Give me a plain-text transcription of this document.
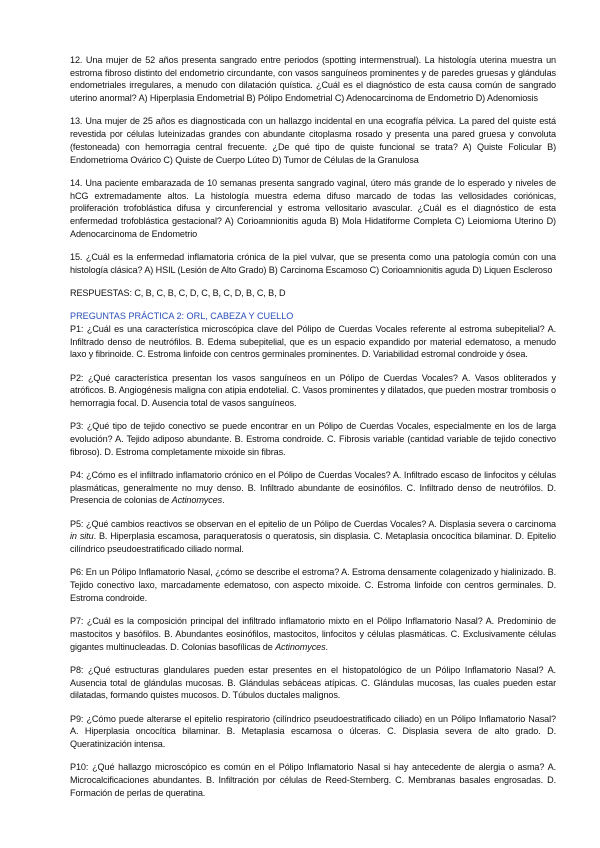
12. Una mujer de 52 años presenta sangrado entre periodos (spotting intermenstrual). La histología uterina muestra un estroma fibroso distinto del endometrio circundante, con vasos sanguíneos prominentes y de paredes gruesas y glándulas endometriales irregulares, a menudo con dilatación quística. ¿Cuál es el diagnóstico de esta causa común de sangrado uterino anormal? A) Hiperplasia Endometrial B) Pólipo Endometrial C) Adenocarcinoma de Endometrio D) Adenomiosis

13. Una mujer de 25 años es diagnosticada con un hallazgo incidental en una ecografía pélvica. La pared del quiste está revestida por células luteinizadas grandes con abundante citoplasma rosado y presenta una pared gruesa y convoluta (festoneada) con hemorragia central frecuente. ¿De qué tipo de quiste funcional se trata? A) Quiste Folicular B) Endometrioma Ovárico C) Quiste de Cuerpo Lúteo D) Tumor de Células de la Granulosa

14. Una paciente embarazada de 10 semanas presenta sangrado vaginal, útero más grande de lo esperado y niveles de hCG extremadamente altos. La histología muestra edema difuso marcado de todas las vellosidades coriónicas, proliferación trofoblástica difusa y circunferencial y estroma vellositario avascular. ¿Cuál es el diagnóstico de esta enfermedad trofoblástica gestacional? A) Corioamnionitis aguda B) Mola Hidatiforme Completa C) Leiomioma Uterino D) Adenocarcinoma de Endometrio

15. ¿Cuál es la enfermedad inflamatoria crónica de la piel vulvar, que se presenta como una patología común con una histología clásica? A) HSIL (Lesión de Alto Grado) B) Carcinoma Escamoso C) Corioamnionitis aguda D) Liquen Escleroso

RESPUESTAS: C, B, C, B, C, D, C, B, C, D, B, C, B, D

PREGUNTAS PRÁCTICA 2: ORL, CABEZA Y CUELLO

P1: ¿Cuál es una característica microscópica clave del Pólipo de Cuerdas Vocales referente al estroma subepitelial? A. Infiltrado denso de neutrófilos. B. Edema subepitelial, que es un espacio expandido por material edematoso, a menudo laxo y fibrinoide. C. Estroma linfoide con centros germinales prominentes. D. Variabilidad estromal condroide y ósea.

P2: ¿Qué característica presentan los vasos sanguíneos en un Pólipo de Cuerdas Vocales? A. Vasos obliterados y atróficos. B. Angiogénesis maligna con atipia endotelial. C. Vasos prominentes y dilatados, que pueden mostrar trombosis o hemorragia focal. D. Ausencia total de vasos sanguíneos.

P3: ¿Qué tipo de tejido conectivo se puede encontrar en un Pólipo de Cuerdas Vocales, especialmente en los de larga evolución? A. Tejido adiposo abundante. B. Estroma condroide. C. Fibrosis variable (cantidad variable de tejido conectivo fibroso). D. Estroma completamente mixoide sin fibras.

P4: ¿Cómo es el infiltrado inflamatorio crónico en el Pólipo de Cuerdas Vocales? A. Infiltrado escaso de linfocitos y células plasmáticas, generalmente no muy denso. B. Infiltrado abundante de eosinófilos. C. Infiltrado denso de neutrófilos. D. Presencia de colonias de Actinomyces.

P5: ¿Qué cambios reactivos se observan en el epitelio de un Pólipo de Cuerdas Vocales? A. Displasia severa o carcinoma in situ. B. Hiperplasia escamosa, paraqueratosis o queratosis, sin displasia. C. Metaplasia oncocítica bilaminar. D. Epitelio cilíndrico pseudoestratificado ciliado normal.

P6: En un Pólipo Inflamatorio Nasal, ¿cómo se describe el estroma? A. Estroma densamente colagenizado y hialinizado. B. Tejido conectivo laxo, marcadamente edematoso, con aspecto mixoide. C. Estroma linfoide con centros germinales. D. Estroma condroide.

P7: ¿Cuál es la composición principal del infiltrado inflamatorio mixto en el Pólipo Inflamatorio Nasal? A. Predominio de mastocitos y basófilos. B. Abundantes eosinófilos, mastocitos, linfocitos y células plasmáticas. C. Exclusivamente células gigantes multinucleadas. D. Colonias basofílicas de Actinomyces.

P8: ¿Qué estructuras glandulares pueden estar presentes en el histopatológico de un Pólipo Inflamatorio Nasal? A. Ausencia total de glándulas mucosas. B. Glándulas sebáceas atípicas. C. Glándulas mucosas, las cuales pueden estar dilatadas, formando quistes mucosos. D. Túbulos ductales malignos.

P9: ¿Cómo puede alterarse el epitelio respiratorio (cilíndrico pseudoestratificado ciliado) en un Pólipo Inflamatorio Nasal? A. Hiperplasia oncocítica bilaminar. B. Metaplasia escamosa o úlceras. C. Displasia severa de alto grado. D. Queratinización intensa.

P10: ¿Qué hallazgo microscópico es común en el Pólipo Inflamatorio Nasal si hay antecedente de alergia o asma? A. Microcalcificaciones abundantes. B. Infiltración por células de Reed-Sternberg. C. Membranas basales engrosadas. D. Formación de perlas de queratina.
